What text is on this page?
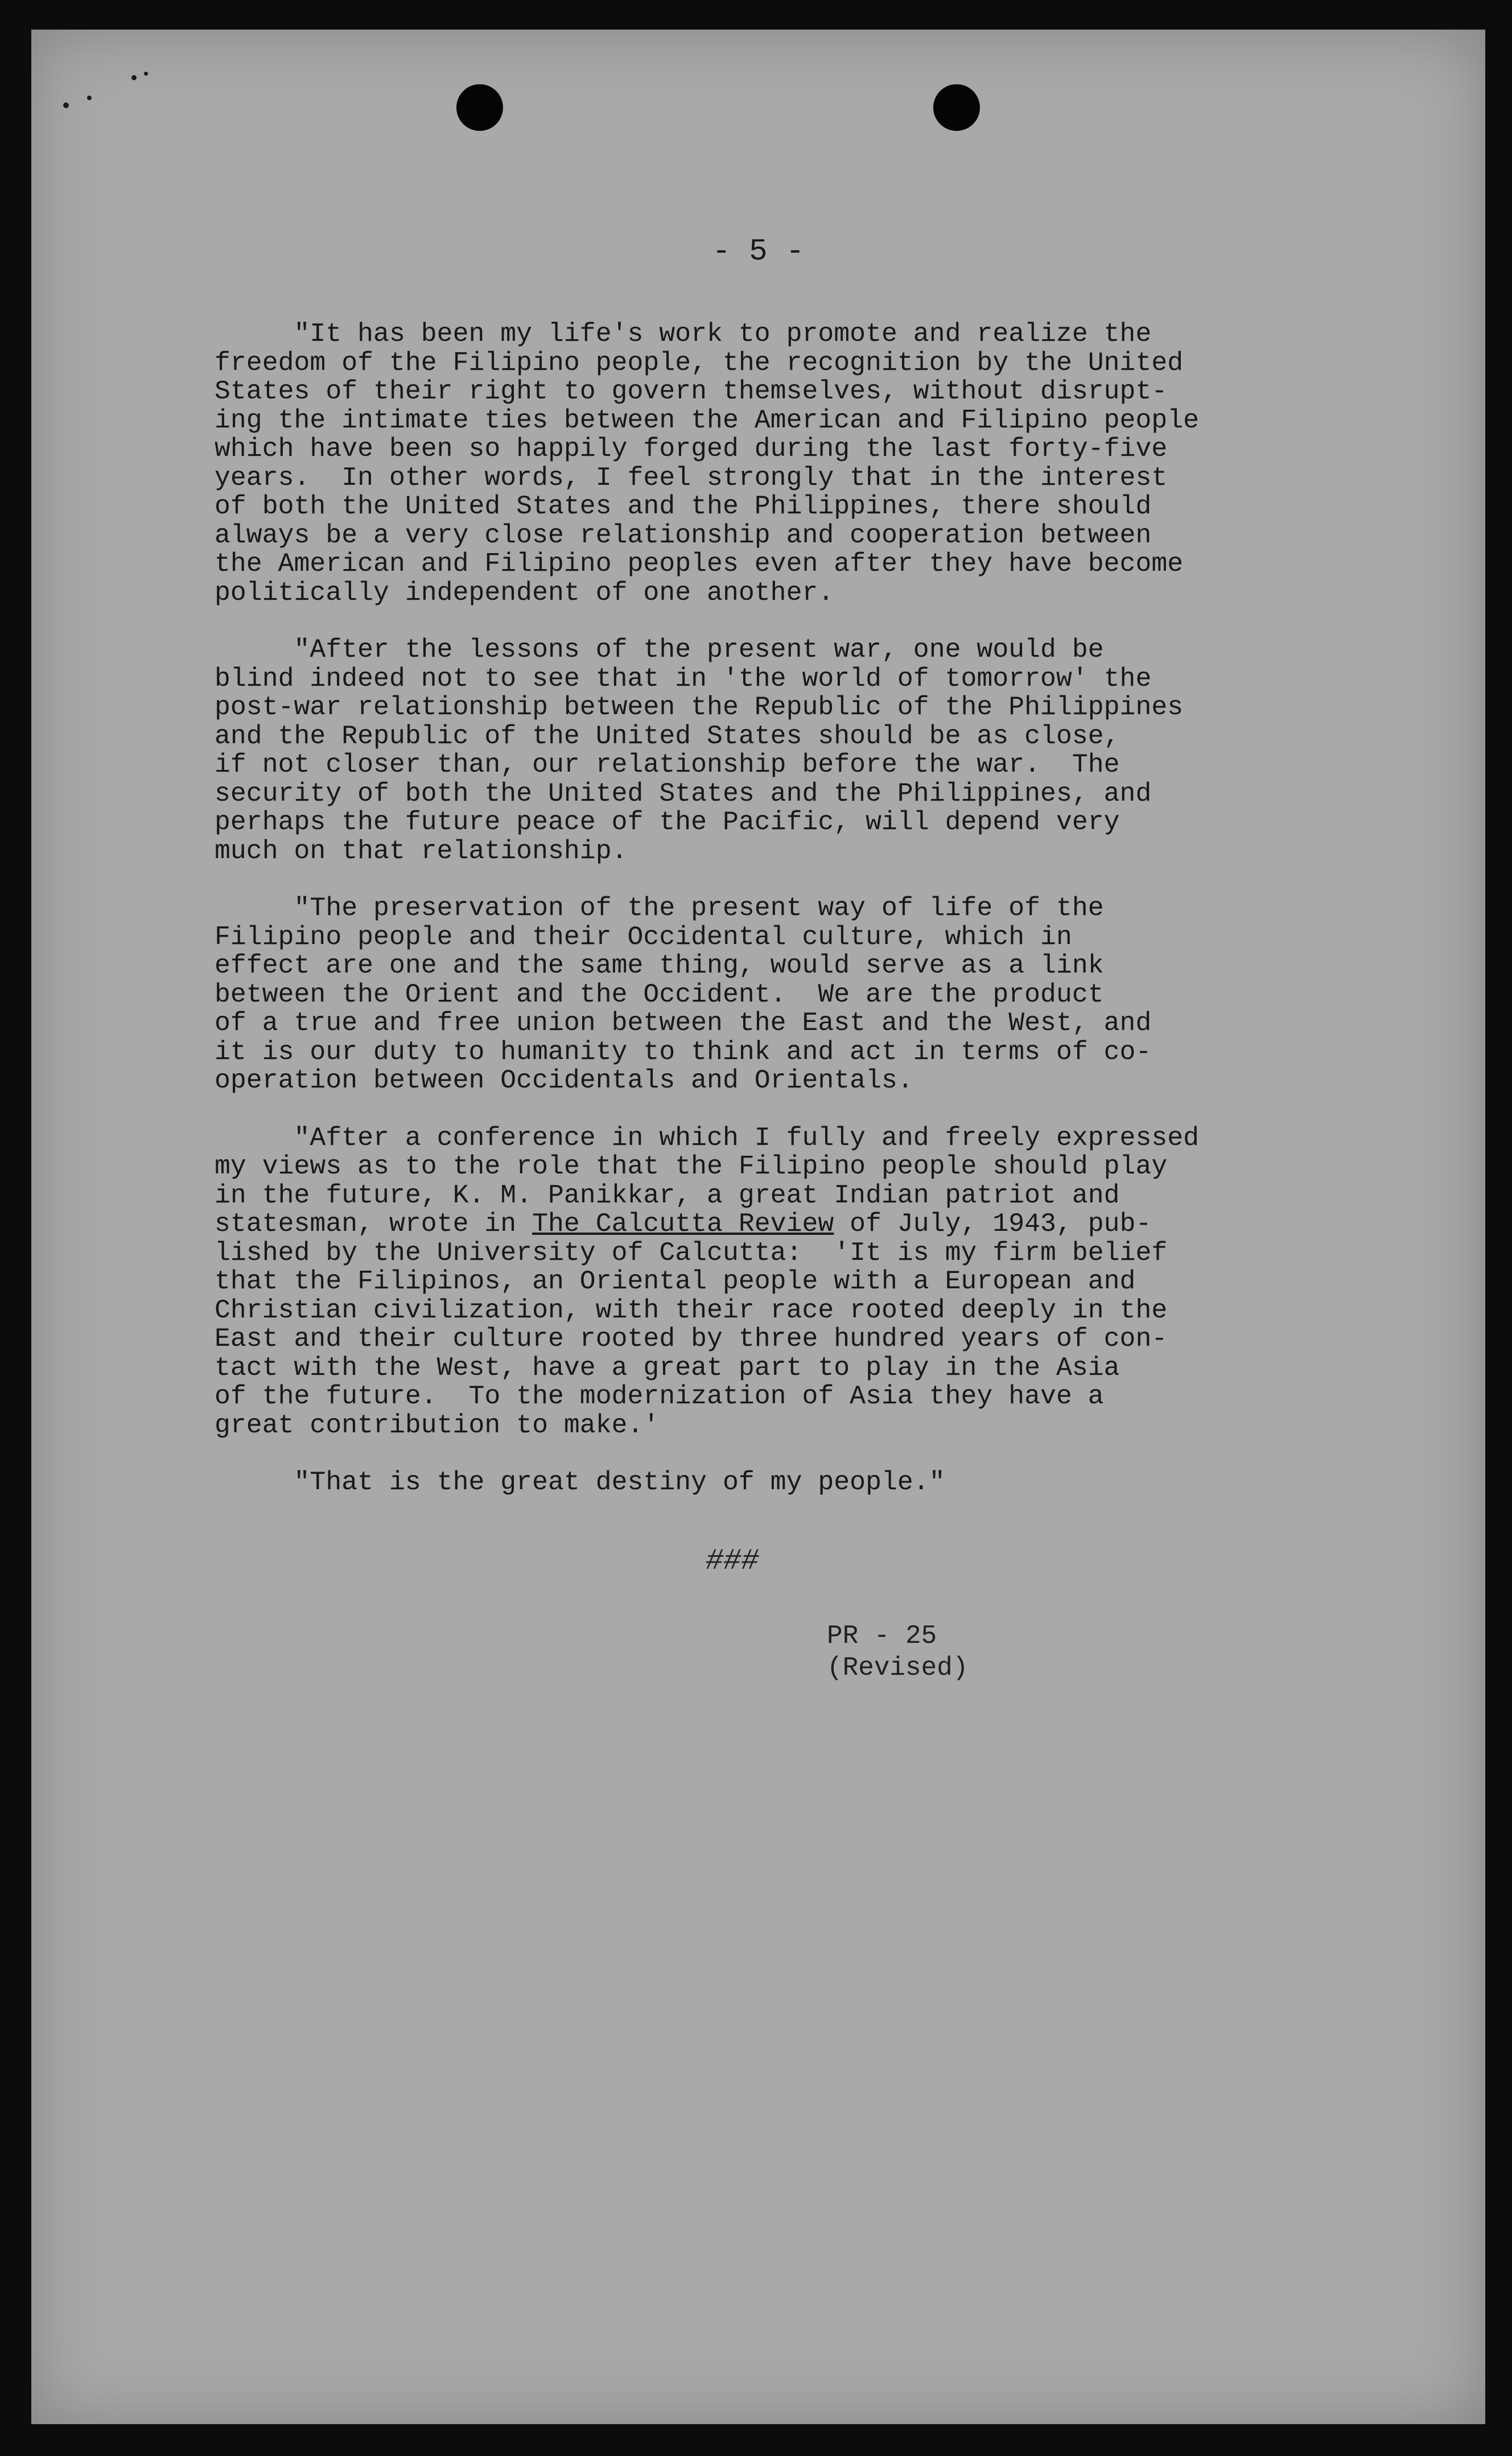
- 5 -

"It has been my life's work to promote and realize the
freedom of the Filipino people, the recognition by the United
States of their right to govern themselves, without disrupt-
ing the intimate ties between the American and Filipino people
which have been so happily forged during the last forty-five
years.  In other words, I feel strongly that in the interest
of both the United States and the Philippines, there should
always be a very close relationship and cooperation between
the American and Filipino peoples even after they have become
politically independent of one another.
"After the lessons of the present war, one would be
blind indeed not to see that in 'the world of tomorrow' the
post-war relationship between the Republic of the Philippines
and the Republic of the United States should be as close,
if not closer than, our relationship before the war.  The
security of both the United States and the Philippines, and
perhaps the future peace of the Pacific, will depend very
much on that relationship.
"The preservation of the present way of life of the
Filipino people and their Occidental culture, which in
effect are one and the same thing, would serve as a link
between the Orient and the Occident.  We are the product
of a true and free union between the East and the West, and
it is our duty to humanity to think and act in terms of co-
operation between Occidentals and Orientals.
"After a conference in which I fully and freely expressed
my views as to the role that the Filipino people should play
in the future, K. M. Panikkar, a great Indian patriot and
statesman, wrote in The Calcutta Review of July, 1943, pub-
lished by the University of Calcutta:  'It is my firm belief
that the Filipinos, an Oriental people with a European and
Christian civilization, with their race rooted deeply in the
East and their culture rooted by three hundred years of con-
tact with the West, have a great part to play in the Asia
of the future.  To the modernization of Asia they have a
great contribution to make.'
"That is the great destiny of my people."

###

PR - 25
(Revised)
